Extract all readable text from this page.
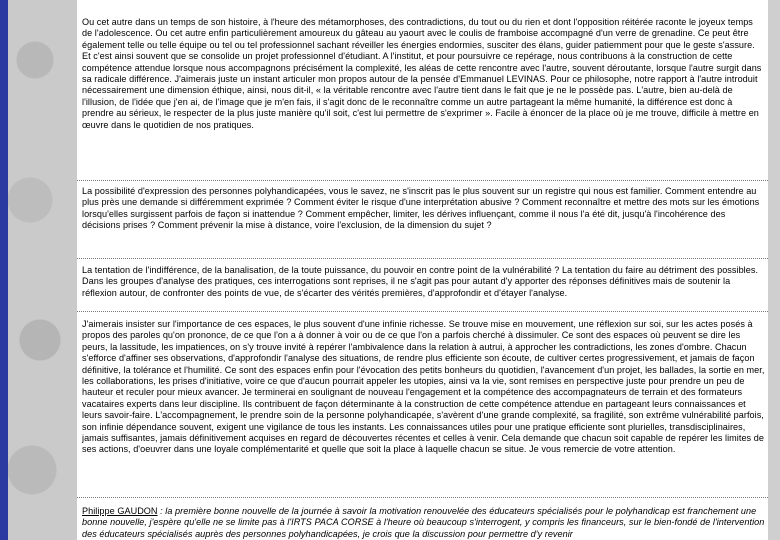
Ou cet autre dans un temps de son histoire, à l'heure des métamorphoses, des contradictions, du tout ou du rien et dont l'opposition réitérée raconte le joyeux temps de l'adolescence. Ou cet autre enfin particulièrement amoureux du gâteau au yaourt avec le coulis de framboise accompagné d'un verre de grenadine. Ce peut être également telle ou telle équipe ou tel ou tel professionnel sachant réveiller les énergies endormies, susciter des élans, guider patiemment pour que le geste s'assure. Et c'est ainsi souvent que se consolide un projet professionnel d'étudiant. A l'institut, et pour poursuivre ce repérage, nous contribuons à la construction de cette compétence attendue lorsque nous accompagnons précisément la complexité, les aléas de cette rencontre avec l'autre, souvent déroutante, lorsque l'autre surgit dans sa radicale différence. J'aimerais juste un instant articuler mon propos autour de la pensée d'Emmanuel LEVINAS. Pour ce philosophe, notre rapport à l'autre introduit nécessairement une dimension éthique, ainsi, nous dit-il, « la véritable rencontre avec l'autre tient dans le fait que je ne le possède pas. L'autre, bien au-delà de l'illusion, de l'idée que j'en ai, de l'image que je m'en fais, il s'agit donc de le reconnaître comme un autre partageant la même humanité, la différence est donc à prendre au sérieux, le respecter de la plus juste manière qu'il soit, c'est lui permettre de s'exprimer ». Facile à énoncer de la place où je me trouve, difficile à mettre en œuvre dans le quotidien de nos pratiques.

La possibilité d'expression des personnes polyhandicapées, vous le savez, ne s'inscrit pas le plus souvent sur un registre qui nous est familier. Comment entendre au plus près une demande si différemment exprimée ? Comment éviter le risque d'une interprétation abusive ? Comment reconnaître et mettre des mots sur les émotions lorsqu'elles surgissent parfois de façon si inattendue ? Comment empêcher, limiter, les dérives influençant, comme il nous l'a été dit, jusqu'à l'incohérence des décisions prises ? Comment prévenir la mise à distance, voire l'exclusion, de la dimension du sujet ?

La tentation de l'indifférence, de la banalisation, de la toute puissance, du pouvoir en contre point de la vulnérabilité ? La tentation du faire au détriment des possibles. Dans les groupes d'analyse des pratiques, ces interrogations sont reprises, il ne s'agit pas pour autant d'y apporter des réponses définitives mais de soutenir la réflexion autour, de confronter des points de vue, de s'écarter des vérités premières, d'approfondir et d'étayer l'analyse.

J'aimerais insister sur l'importance de ces espaces, le plus souvent d'une infinie richesse. Se trouve mise en mouvement, une réflexion sur soi, sur les actes posés à propos des paroles qu'on prononce, de ce que l'on a à donner à voir ou de ce que l'on a parfois cherché à dissimuler. Ce sont des espaces où peuvent se dire les peurs, la lassitude, les impatiences, on s'y trouve invité à repérer l'ambivalence dans la relation à autrui, à approcher les contradictions, les zones d'ombre. Chacun s'efforce d'affiner ses observations, d'approfondir l'analyse des situations, de rendre plus efficiente son écoute, de cultiver certes progressivement, et jamais de façon définitive, la tolérance et l'humilité. Ce sont des espaces enfin pour l'évocation des petits bonheurs du quotidien, l'avancement d'un projet, les ballades, la sortie en mer, les collaborations, les prises d'initiative, voire ce que d'aucun pourrait appeler les utopies, ainsi va la vie, sont remises en perspective juste pour prendre un peu de hauteur et reculer pour mieux avancer. Je terminerai en soulignant de nouveau l'engagement et la compétence des accompagnateurs de terrain et des formateurs vacataires experts dans leur discipline. Ils contribuent de façon déterminante à la construction de cette compétence attendue en partageant leurs connaissances et leurs savoir-faire. L'accompagnement, le prendre soin de la personne polyhandicapée, s'avèrent d'une grande complexité, sa fragilité, son extrême vulnérabilité parfois, son infinie dépendance souvent, exigent une vigilance de tous les instants. Les connaissances utiles pour une pratique efficiente sont plurielles, transdisciplinaires, jamais suffisantes, jamais définitivement acquises en regard de découvertes récentes et celles à venir. Cela demande que chacun soit capable de repérer les limites de ses actions, d'oeuvrer dans une loyale complémentarité et quelle que soit la place à laquelle chacun se situe. Je vous remercie de votre attention.

Philippe GAUDON : la première bonne nouvelle de la journée à savoir la motivation renouvelée des éducateurs spécialisés pour le polyhandicap est franchement une bonne nouvelle, j'espère qu'elle ne se limite pas à l'IRTS PACA CORSE à l'heure où beaucoup s'interrogent, y compris les financeurs, sur le bien-fondé de l'intervention des éducateurs spécialisés auprès des personnes polyhandicapées, je crois que la discussion pour permettre d'y revenir
